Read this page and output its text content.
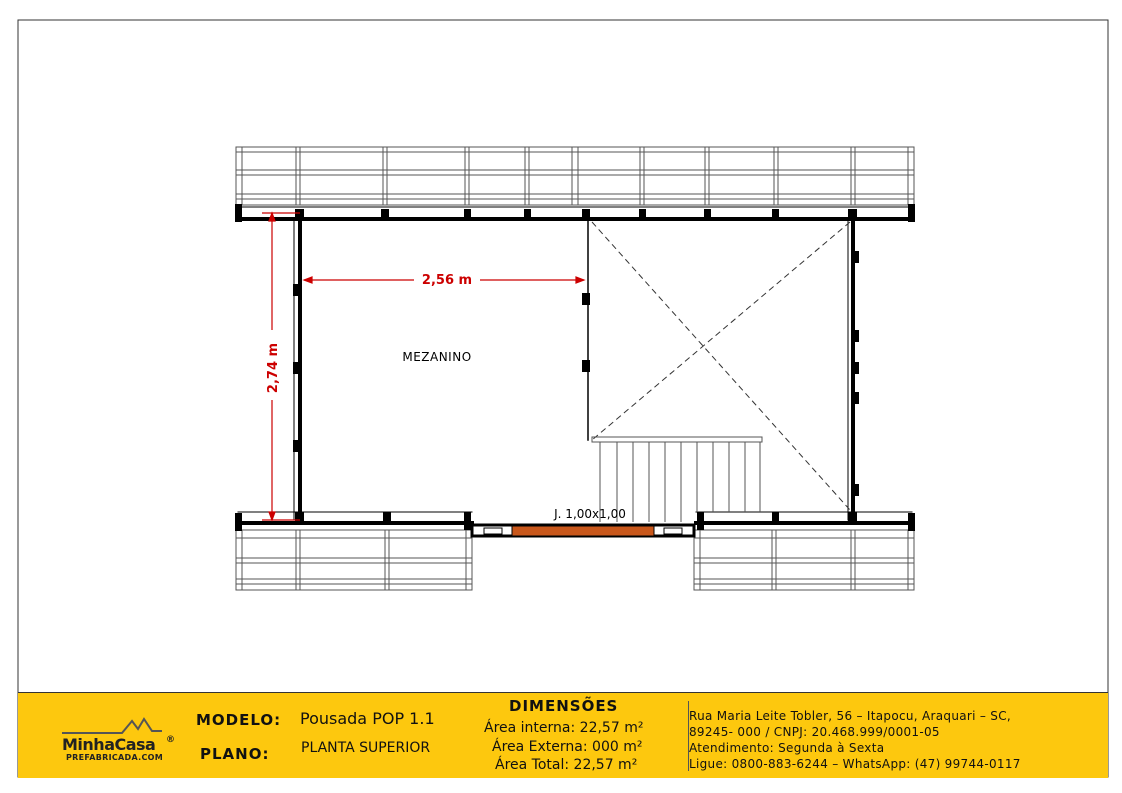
2,56 m
2,74 m	MEZANINO
J. 1,00x1,00
MinhaCasa ®
PREFABRICADA.COM
MODELO: Pousada POP 1.1
PLANO: PLANTA SUPERIOR
DIMENSÕES
Área interna: 22,57 m²
Área Externa: 000 m²
Área Total: 22,57 m²
Rua Maria Leite Tobler, 56 – Itapocu, Araquari – SC,
89245- 000 / CNPJ: 20.468.999/0001-05
Atendimento: Segunda à Sexta
Ligue: 0800-883-6244 – WhatsApp: (47) 99744-0117
